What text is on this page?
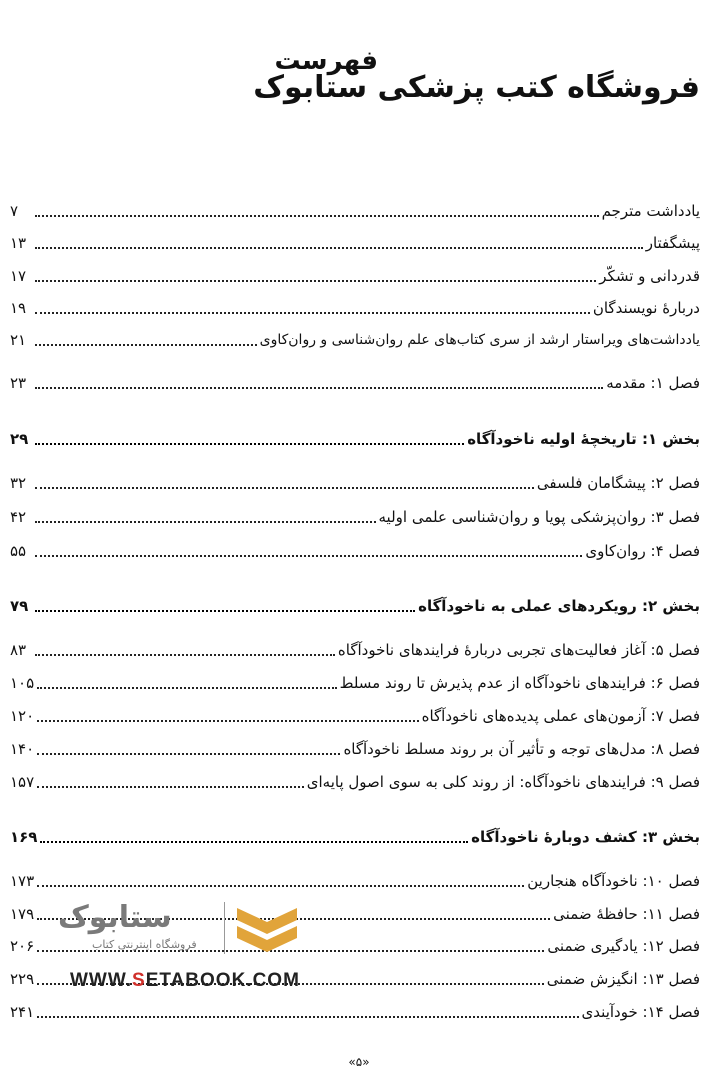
فهرست
فروشگاه کتب پزشکی ستابوک
یادداشت مترجم
۷
پیشگفتار
۱۳
قدردانی و تشکّر
۱۷
دربارۀ نویسندگان
۱۹
یادداشت‌های ویراستار ارشد از سری کتاب‌های علم روان‌شناسی و روان‌کاوی
۲۱
فصل ۱: مقدمه
۲۳
بخش ۱: تاریخچۀ اولیه ناخودآگاه
۲۹
فصل ۲: پیشگامان فلسفی
۳۲
فصل ۳: روان‌پزشکی پویا و روان‌شناسی علمی اولیه
۴۲
فصل ۴: روان‌کاوی
۵۵
بخش ۲: رویکردهای عملی به ناخودآگاه
۷۹
فصل ۵: آغاز فعالیت‌های تجربی دربارۀ فرایندهای ناخودآگاه
۸۳
فصل ۶: فرایندهای ناخودآگاه از عدم پذیرش تا روند مسلط
۱۰۵
فصل ۷: آزمون‌های عملی پدیده‌های ناخودآگاه
۱۲۰
فصل ۸: مدل‌های توجه و تأثیر آن بر روند مسلط ناخودآگاه
۱۴۰
فصل ۹: فرایندهای ناخودآگاه: از روند کلی به سوی اصول پایه‌ای
۱۵۷
بخش ۳: کشف دوبارۀ ناخودآگاه
۱۶۹
فصل ۱۰: ناخودآگاه هنجارین
۱۷۳
فصل ۱۱: حافظۀ ضمنی
۱۷۹
فصل ۱۲: یادگیری ضمنی
۲۰۶
فصل ۱۳: انگیزش ضمنی
۲۲۹
فصل ۱۴: خودآیندی
۲۴۱
ستابوک
فروشگاه اینترنتی کتاب
WWW.SETABOOK.COM
«۵»
